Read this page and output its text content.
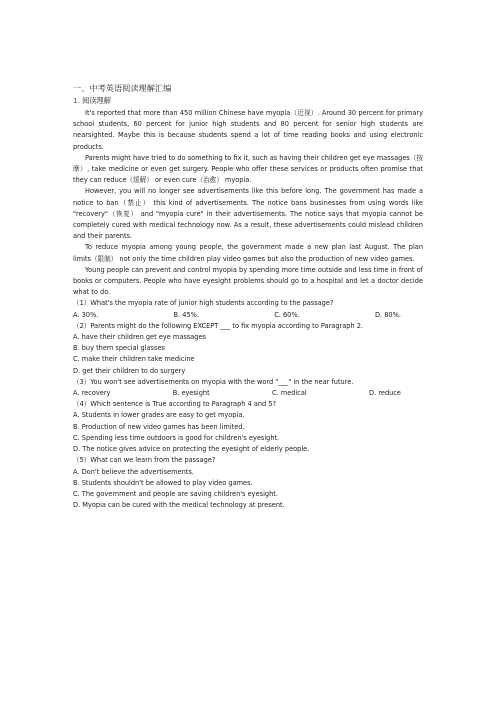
一、中考英语阅读理解汇编
1. 阅读理解

It's reported that more than 450 million Chinese have myopia（近视）. Around 30 percent for primary school students, 60 percent for junior high students and 80 percent for senior high students are nearsighted. Maybe this is because students spend a lot of time reading books and using electronic products.

Parents might have tried to do something to fix it, such as having their children get eye massages（按摩）, take medicine or even get surgery. People who offer these services or products often promise that they can reduce（缓解） or even cure（治愈） myopia.

However, you will no longer see advertisements like this before long. The government has made a notice to ban（禁止） this kind of advertisements. The notice bans businesses from using words like "recovery"（恢复） and "myopia cure" in their advertisements. The notice says that myopia cannot be completely cured with medical technology now. As a result, these advertisements could mislead children and their parents.

To reduce myopia among young people, the government made a new plan last August. The plan limits（限制） not only the time children play video games but also the production of new video games.

Young people can prevent and control myopia by spending more time outside and less time in front of books or computers. People who have eyesight problems should go to a hospital and let a doctor decide what to do.

（1）What's the myopia rate of junior high students according to the passage?
A. 30%.	B. 45%.	C. 60%.	D. 80%.
（2）Parents might do the following EXCEPT ___ to fix myopia according to Paragraph 2.
A. have their children get eye massages
B. buy them special glasses
C. make their children take medicine
D. get their children to do surgery
（3）You won't see advertisements on myopia with the word "___" in the near future.
A. recovery	B. eyesight	C. medical	D. reduce
（4）Which sentence is True according to Paragraph 4 and 5?
A. Students in lower grades are easy to get myopia.
B. Production of new video games has been limited.
C. Spending less time outdoors is good for children's eyesight.
D. The notice gives advice on protecting the eyesight of elderly people.
（5）What can we learn from the passage?
A. Don't believe the advertisements.
B. Students shouldn't be allowed to play video games.
C. The government and people are saving children's eyesight.
D. Myopia can be cured with the medical technology at present.
